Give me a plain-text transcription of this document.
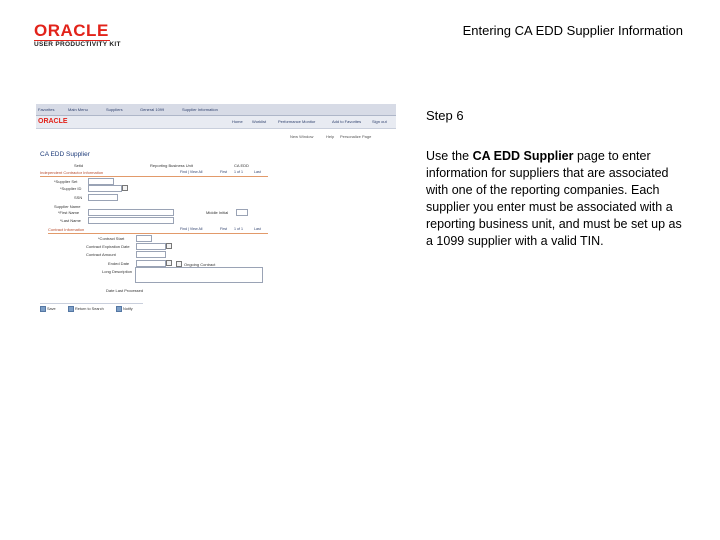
ORACLE
USER PRODUCTIVITY KIT
Entering CA EDD Supplier Information
Favorites	Main Menu	Suppliers	General 1099	Supplier Information
ORACLE	Home Worklist	Performance Monitor	Add to Favorites	Sign out
New Window	Help Personalize Page
CA EDD Supplier
Setid	Reporting Business Unit	CA EDD
Independent Contractor Information	Find | View All	First 1 of 1	Last
*Supplier Set
*Supplier ID
SSN
Supplier Name
*First Name	Middle Initial
*Last Name
Contract Information	Find | View All	First 1 of 1	Last
*Contract Start
Contract Expiration Date
Contract Amount
Ended Date	Ongoing Contract
Long Description
Date Last Processed
Save	Return to Search	Notify
Step 6
Use the CA EDD Supplier page to enter information for suppliers that are associated with one of the reporting companies. Each supplier you enter must be associated with a reporting business unit, and must be set up as a 1099 supplier with a valid TIN.
